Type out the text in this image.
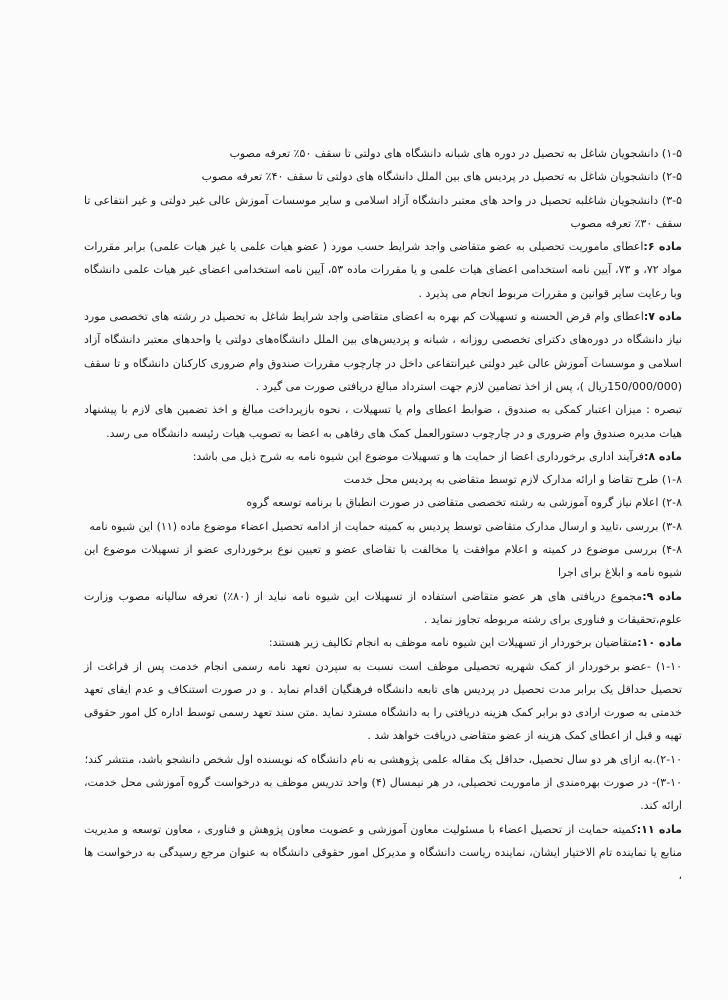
۱-۵) دانشجویان شاغل به تحصیل در دوره های شبانه دانشگاه های دولتی تا سقف ۵۰٪ تعرفه مصوب

۲-۵) دانشجویان شاغل به تحصیل در پردیس های بین الملل دانشگاه های دولتی تا سقف ۴۰٪ تعرفه مصوب

۳-۵) دانشجویان شاغلبه تحصیل در واحد های معتبر دانشگاه آزاد اسلامی و سایر موسسات آموزش عالی غیر دولتی و غیر انتفاعی تا سقف ۳۰٪ تعرفه مصوب

ماده ۶:اعطای ماموریت تحصیلی به عضو متقاضی واجد شرایط حسب مورد ( عضو هیات علمی یا غیر هیات علمی) برابر مقررات مواد ۷۲، و ۷۳، آیین نامه استخدامی اعضای هیات علمی و یا مقررات ماده ۵۳، آیین نامه استخدامی اعضای غیر هیات علمی دانشگاه وبا رعایت سایر قوانین و مقررات مربوط انجام می پذیرد .

ماده ۷:اعطای وام قرض الحسنه و تسهیلات کم بهره به اعضای متقاضی واجد شرایط شاغل به تحصیل در رشته های تخصصی مورد نیاز دانشگاه در دوره‌های دکترای تخصصی روزانه ، شبانه و پردیس‌های بین الملل دانشگاه‌های دولتی یا واحدهای معتبر دانشگاه آزاد اسلامی و موسسات آموزش عالی غیر دولتی غیرانتفاعی داخل در چارچوب مقررات صندوق وام ضروری کارکنان دانشگاه و تا سقف (150/000/000ریال )، پس از اخذ تضامین لازم جهت استرداد مبالغ دریافتی صورت می گیرد .

تبصره : میزان اعتبار کمکی به صندوق ، ضوابط اعطای وام یا تسهیلات ، نحوه بازپرداخت مبالغ و اخذ تضمین های لازم با پیشنهاد هیات مدیره صندوق وام ضروری و در چارچوب دستورالعمل کمک های رفاهی به اعضا به تصویب هیات رئیسه دانشگاه می رسد.

ماده ۸:فرآیند اداری برخورداری اعضا از حمایت ها و تسهیلات موضوع این شیوه نامه به شرح ذیل می باشد:

۱-۸) طرح تقاضا و ارائه مدارک لازم توسط متقاضی به پردیس محل خدمت

۲-۸) اعلام نیاز گروه آموزشی به رشته تخصصی متقاضی در صورت انطباق با برنامه توسعه گروه

۳-۸) بررسی ،تایید و ارسال مدارک متقاضی توسط پردیس به کمیته حمایت از ادامه تحصیل اعضاء موضوع ماده (۱۱) این شیوه نامه

۴-۸) بررسی موضوع در کمیته و اعلام موافقت یا مخالفت با تقاضای عضو و تعیین نوع برخورداری عضو از تسهیلات موضوع این شیوه نامه و ابلاغ برای اجرا

ماده ۹:مجموع دریافتی های هر عضو متقاضی استفاده از تسهیلات این شیوه نامه نباید از (۸۰٪) تعرفه سالیانه مصوب وزارت علوم،تحقیقات و فناوری برای رشته مربوطه تجاوز نماید .

ماده ۱۰:متقاضیان برخوردار از تسهیلات این شیوه نامه موظف به انجام تکالیف زیر هستند:

۱-۱۰) -عضو برخوردار از کمک شهریه تحصیلی موظف است نسبت به سپردن تعهد نامه رسمی انجام خدمت پس از فراغت از تحصیل حداقل یک برابر مدت تحصیل در پردیس های تابعه دانشگاه فرهنگیان اقدام نماید . و در صورت استنکاف و عدم ایفای تعهد خدمتی به صورت ارادی دو برابر کمک هزینه دریافتی را به دانشگاه مسترد نماید .متن سند تعهد رسمی توسط اداره کل امور حقوقی تهیه و قبل از اعطای کمک هزینه از عضو متقاضی دریافت خواهد شد .

۲-۱۰).به ازای هر دو سال تحصیل، حداقل یک مقاله علمی پژوهشی به نام دانشگاه که نویسنده اول شخص دانشجو باشد، منتشر کند؛

۳-۱۰)- در صورت بهره‌مندی از ماموریت تحصیلی، در هر نیمسال (۴) واحد تدریس موظف به درخواست گروه آموزشی محل خدمت، ارائه کند.

ماده ۱۱:کمیته حمایت از تحصیل اعضاء با مسئولیت معاون آموزشی و عضویت معاون پژوهش و فناوری ، معاون توسعه و مدیریت منابع یا نماینده تام الاختیار ایشان، نماینده ریاست دانشگاه و مدیرکل امور حقوقی دانشگاه به عنوان مرجع رسیدگی به درخواست ها ،
